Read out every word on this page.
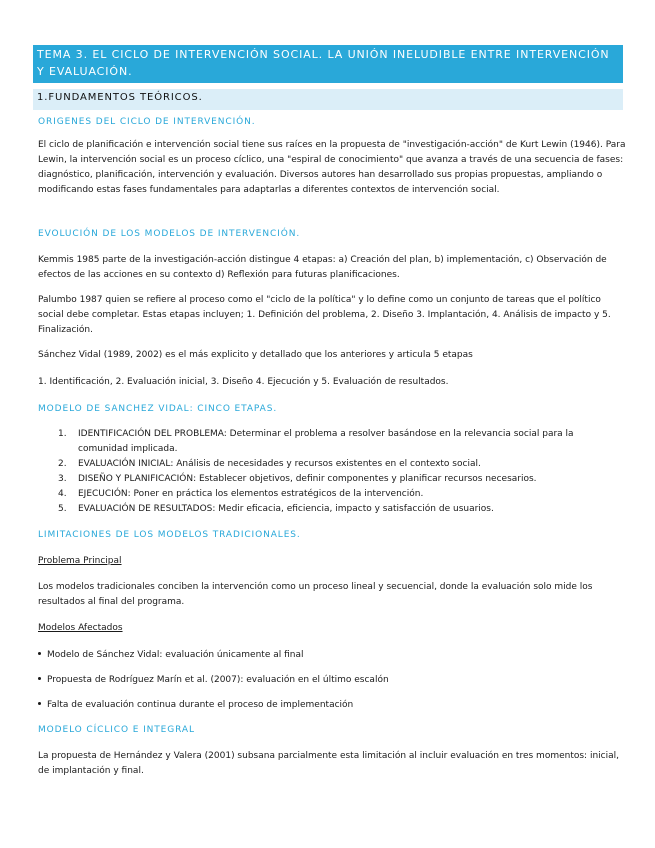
TEMA 3. EL CICLO DE INTERVENCIÓN SOCIAL. LA UNIÓN INELUDIBLE ENTRE INTERVENCIÓN Y EVALUACIÓN.
1.FUNDAMENTOS TEÓRICOS.
ORIGENES DEL CICLO DE INTERVENCIÓN.

El ciclo de planificación e intervención social tiene sus raíces en la propuesta de "investigación-acción" de Kurt Lewin (1946). Para Lewin, la intervención social es un proceso cíclico, una "espiral de conocimiento" que avanza a través de una secuencia de fases: diagnóstico, planificación, intervención y evaluación. Diversos autores han desarrollado sus propias propuestas, ampliando o modificando estas fases fundamentales para adaptarlas a diferentes contextos de intervención social.

EVOLUCIÓN DE LOS MODELOS DE INTERVENCIÓN.

Kemmis 1985 parte de la investigación-acción distingue 4 etapas: a) Creación del plan, b) implementación, c) Observación de efectos de las acciones en su contexto d) Reflexión para futuras planificaciones.

Palumbo 1987 quien se refiere al proceso como el "ciclo de la política" y lo define como un conjunto de tareas que el político social debe completar. Estas etapas incluyen; 1. Definición del problema, 2. Diseño 3. Implantación, 4. Análisis de impacto y 5. Finalización.

Sánchez Vidal (1989, 2002) es el más explicito y detallado que los anteriores y articula 5 etapas

1. Identificación, 2. Evaluación inicial, 3. Diseño 4. Ejecución y 5. Evaluación de resultados.

MODELO DE SANCHEZ VIDAL: CINCO ETAPAS.
1. IDENTIFICACIÓN DEL PROBLEMA: Determinar el problema a resolver basándose en la relevancia social para la comunidad implicada.
2. EVALUACIÓN INICIAL: Análisis de necesidades y recursos existentes en el contexto social.
3. DISEÑO Y PLANIFICACIÓN: Establecer objetivos, definir componentes y planificar recursos necesarios.
4. EJECUCIÓN: Poner en práctica los elementos estratégicos de la intervención.
5. EVALUACIÓN DE RESULTADOS: Medir eficacia, eficiencia, impacto y satisfacción de usuarios.
LIMITACIONES DE LOS MODELOS TRADICIONALES.
Problema Principal

Los modelos tradicionales conciben la intervención como un proceso lineal y secuencial, donde la evaluación solo mide los resultados al final del programa.

Modelos Afectados
Modelo de Sánchez Vidal: evaluación únicamente al final
Propuesta de Rodríguez Marín et al. (2007): evaluación en el último escalón
Falta de evaluación continua durante el proceso de implementación
MODELO CÍCLICO E INTEGRAL

La propuesta de Hernández y Valera (2001) subsana parcialmente esta limitación al incluir evaluación en tres momentos: inicial, de implantación y final.
